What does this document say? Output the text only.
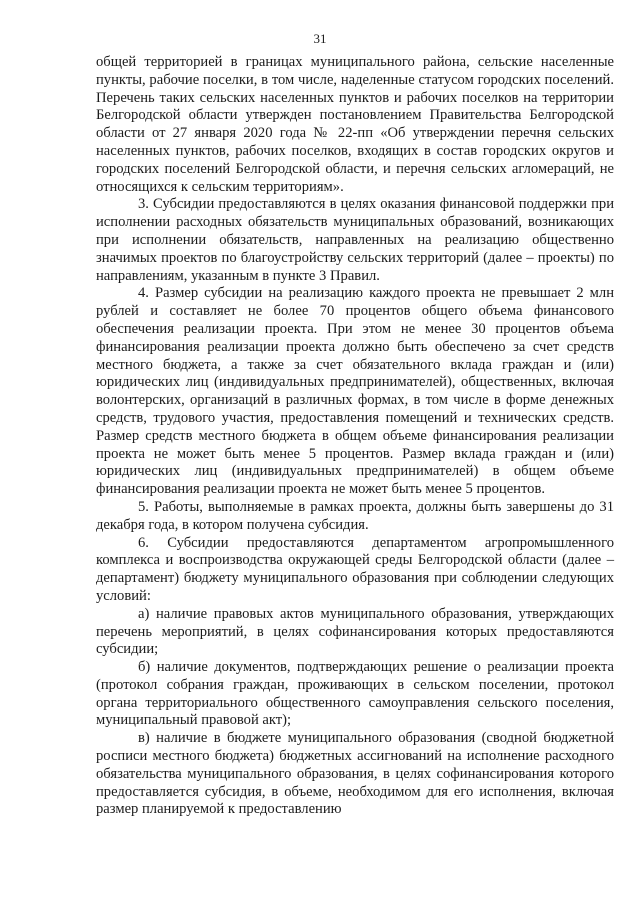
31

общей территорией в границах муниципального района, сельские населенные пункты, рабочие поселки, в том числе, наделенные статусом городских поселений. Перечень таких сельских населенных пунктов и рабочих поселков на территории Белгородской области утвержден постановлением Правительства Белгородской области от 27 января 2020 года № 22-пп «Об утверждении перечня сельских населенных пунктов, рабочих поселков, входящих в состав городских округов и городских поселений Белгородской области, и перечня сельских агломераций, не относящихся к сельским территориям».

3. Субсидии предоставляются в целях оказания финансовой поддержки при исполнении расходных обязательств муниципальных образований, возникающих при исполнении обязательств, направленных на реализацию общественно значимых проектов по благоустройству сельских территорий (далее – проекты) по направлениям, указанным в пункте 3 Правил.

4. Размер субсидии на реализацию каждого проекта не превышает 2 млн рублей и составляет не более 70 процентов общего объема финансового обеспечения реализации проекта. При этом не менее 30 процентов объема финансирования реализации проекта должно быть обеспечено за счет средств местного бюджета, а также за счет обязательного вклада граждан и (или) юридических лиц (индивидуальных предпринимателей), общественных, включая волонтерских, организаций в различных формах, в том числе в форме денежных средств, трудового участия, предоставления помещений и технических средств. Размер средств местного бюджета в общем объеме финансирования реализации проекта не может быть менее 5 процентов. Размер вклада граждан и (или) юридических лиц (индивидуальных предпринимателей) в общем объеме финансирования реализации проекта не может быть менее 5 процентов.

5. Работы, выполняемые в рамках проекта, должны быть завершены до 31 декабря года, в котором получена субсидия.

6. Субсидии предоставляются департаментом агропромышленного комплекса и воспроизводства окружающей среды Белгородской области (далее – департамент) бюджету муниципального образования при соблюдении следующих условий:

а) наличие правовых актов муниципального образования, утверждающих перечень мероприятий, в целях софинансирования которых предоставляются субсидии;

б) наличие документов, подтверждающих решение о реализации проекта (протокол собрания граждан, проживающих в сельском поселении, протокол органа территориального общественного самоуправления сельского поселения, муниципальный правовой акт);

в) наличие в бюджете муниципального образования (сводной бюджетной росписи местного бюджета) бюджетных ассигнований на исполнение расходного обязательства муниципального образования, в целях софинансирования которого предоставляется субсидия, в объеме, необходимом для его исполнения, включая размер планируемой к предоставлению
